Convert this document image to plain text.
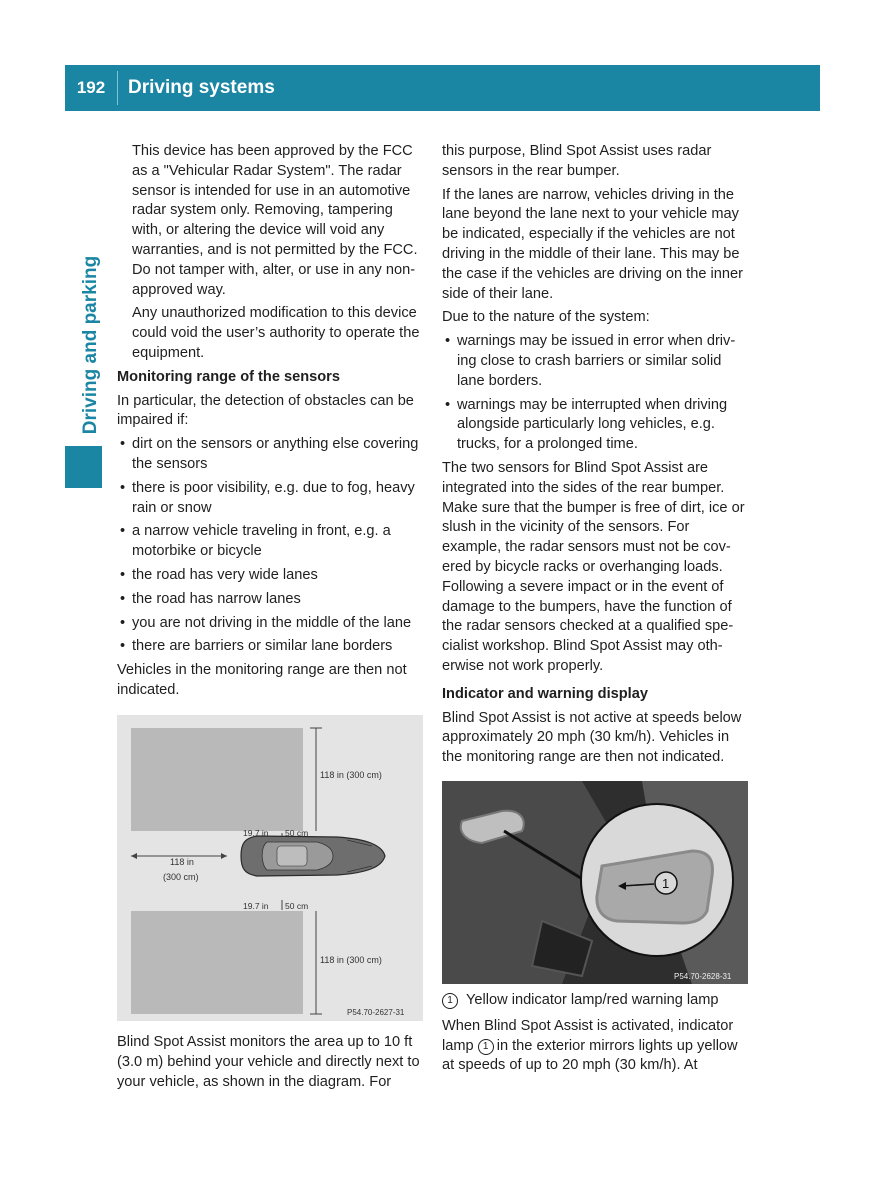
192	Driving systems
Driving and parking

This device has been approved by the FCC as a "Vehicular Radar System". The radar sensor is intended for use in an automotive radar system only. Removing, tampering with, or altering the device will void any warranties, and is not permitted by the FCC. Do not tamper with, alter, or use in any non-approved way.

Any unauthorized modification to this device could void the user’s authority to operate the equipment.

Monitoring range of the sensors

In particular, the detection of obstacles can be impaired if:

• dirt on the sensors or anything else covering the sensors
• there is poor visibility, e.g. due to fog, heavy rain or snow
• a narrow vehicle traveling in front, e.g. a motorbike or bicycle
• the road has very wide lanes
• the road has narrow lanes
• you are not driving in the middle of the lane
• there are barriers or similar lane borders

Vehicles in the monitoring range are then not indicated.

118 in (300 cm)
19.7 in 50 cm
118 in
(300 cm)
19.7 in 50 cm
118 in (300 cm)
P54.70-2627-31

Blind Spot Assist monitors the area up to 10 ft (3.0 m) behind your vehicle and directly next to your vehicle, as shown in the diagram. For

this purpose, Blind Spot Assist uses radar sensors in the rear bumper.

If the lanes are narrow, vehicles driving in the lane beyond the lane next to your vehicle may be indicated, especially if the vehicles are not driving in the middle of their lane. This may be the case if the vehicles are driving on the inner side of their lane.

Due to the nature of the system:

• warnings may be issued in error when driving close to crash barriers or similar solid lane borders.
• warnings may be interrupted when driving alongside particularly long vehicles, e.g. trucks, for a prolonged time.

The two sensors for Blind Spot Assist are integrated into the sides of the rear bumper. Make sure that the bumper is free of dirt, ice or slush in the vicinity of the sensors. For example, the radar sensors must not be covered by bicycle racks or overhanging loads. Following a severe impact or in the event of damage to the bumpers, have the function of the radar sensors checked at a qualified specialist workshop. Blind Spot Assist may otherwise not work properly.

Indicator and warning display

Blind Spot Assist is not active at speeds below approximately 20 mph (30 km/h). Vehicles in the monitoring range are then not indicated.

1
P54.70-2628-31

1 Yellow indicator lamp/red warning lamp

When Blind Spot Assist is activated, indicator lamp 1 in the exterior mirrors lights up yellow at speeds of up to 20 mph (30 km/h). At
